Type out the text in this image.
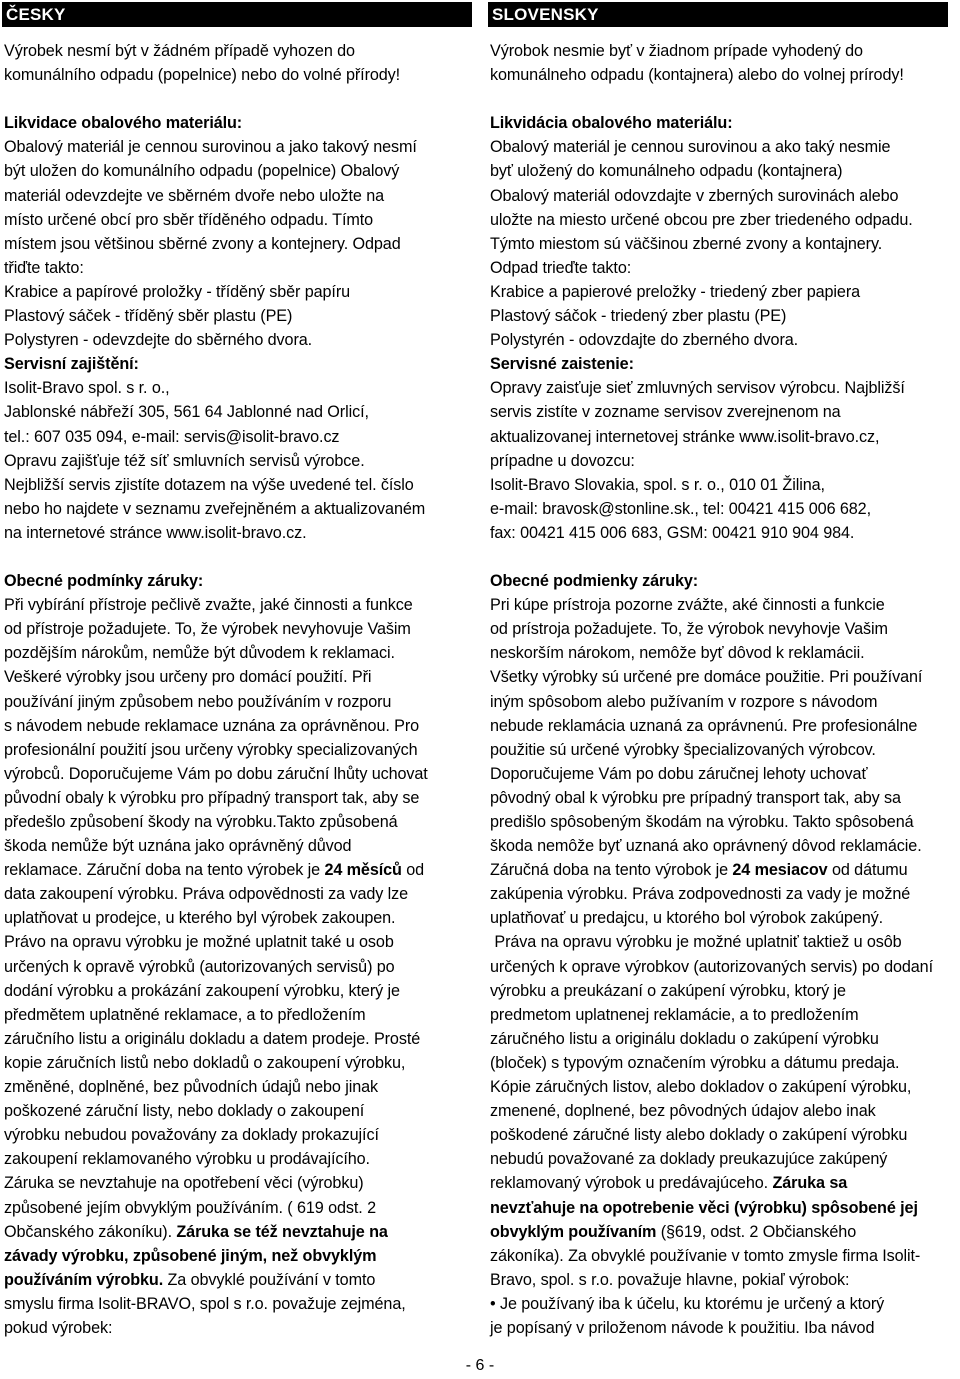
ČESKY
Výrobek nesmí být v žádném případě vyhozen do
komunálního odpadu (popelnice) nebo do volné přírody!
Likvidace obalového materiálu:
Obalový materiál je cennou surovinou a jako takový nesmí
být uložen do komunálního odpadu (popelnice) Obalový
materiál odevzdejte ve sběrném dvoře nebo uložte na
místo určené obcí pro sběr tříděného odpadu. Tímto
místem jsou většinou sběrné zvony a kontejnery. Odpad
třiďte takto:
Krabice a papírové proložky - tříděný sběr papíru
Plastový sáček - tříděný sběr plastu (PE)
Polystyren - odevzdejte do sběrného dvora.
Servisní zajištění:
Isolit-Bravo spol. s r. o.,
Jablonské nábřeží 305, 561 64 Jablonné nad Orlicí,
tel.: 607 035 094, e-mail: servis@isolit-bravo.cz
Opravu zajišťuje též síť smluvních servisů výrobce.
Nejbližší servis zjistíte dotazem na výše uvedené tel. číslo
nebo ho najdete v seznamu zveřejněném a aktualizovaném
na internetové stránce www.isolit-bravo.cz.
Obecné podmínky záruky:
Při vybírání přístroje pečlivě zvažte, jaké činnosti a funkce
od přístroje požadujete. To, že výrobek nevyhovuje Vašim
pozdějším nárokům, nemůže být důvodem k reklamaci.
Veškeré výrobky jsou určeny pro domácí použití. Při
používání jiným způsobem nebo používáním v rozporu
s návodem nebude reklamace uznána za oprávněnou. Pro
profesionální použití jsou určeny výrobky specializovaných
výrobců. Doporučujeme Vám po dobu záruční lhůty uchovat
původní obaly k výrobku pro případný transport tak, aby se
předešlo způsobení škody na výrobku.Takto způsobená
škoda nemůže být uznána jako oprávněný důvod
reklamace. Záruční doba na tento výrobek je 24 měsíců od
data zakoupení výrobku. Práva odpovědnosti za vady lze
uplatňovat u prodejce, u kterého byl výrobek zakoupen.
Právo na opravu výrobku je možné uplatnit také u osob
určených k opravě výrobků (autorizovaných servisů) po
dodání výrobku a prokázání zakoupení výrobku, který je
předmětem uplatněné reklamace, a to předložením
záručního listu a originálu dokladu a datem prodeje. Prosté
kopie záručních listů nebo dokladů o zakoupení výrobku,
změněné, doplněné, bez původních údajů nebo jinak
poškozené záruční listy, nebo doklady o zakoupení
výrobku nebudou považovány za doklady prokazující
zakoupení reklamovaného výrobku u prodávajícího.
Záruka se nevztahuje na opotřebení věci (výrobku)
způsobené jejím obvyklým používáním. ( 619 odst. 2
Občanského zákoníku). Záruka se též nevztahuje na
závady výrobku, způsobené jiným, než obvyklým
používáním výrobku. Za obvyklé používání v tomto
smyslu firma Isolit-BRAVO, spol s r.o. považuje zejména,
pokud výrobek:
SLOVENSKY
Výrobok nesmie byť v žiadnom prípade vyhodený do
komunálneho odpadu (kontajnera) alebo do volnej prírody!
Likvidácia obalového materiálu:
Obalový materiál je cennou surovinou a ako taký nesmie
byť uložený do komunálneho odpadu (kontajnera)
Obalový materiál odovzdajte v zberných surovinách alebo
uložte na miesto určené obcou pre zber triedeného odpadu.
Týmto miestom sú väčšinou zberné zvony a kontajnery.
Odpad trieďte takto:
Krabice a papierové preložky - triedený zber papiera
Plastový sáčok - triedený zber plastu (PE)
Polystyrén - odovzdajte do zberného dvora.
Servisné zaistenie:
Opravy zaisťuje sieť zmluvných servisov výrobcu. Najbližší
servis zistíte v zozname servisov zverejnenom na
aktualizovanej internetovej stránke www.isolit-bravo.cz,
prípadne u dovozcu:
Isolit-Bravo Slovakia, spol. s r. o., 010 01 Žilina,
e-mail: bravosk@stonline.sk., tel: 00421 415 006 682,
fax: 00421 415 006 683, GSM: 00421 910 904 984.
Obecné podmienky záruky:
Pri kúpe prístroja pozorne zvážte, aké činnosti a funkcie
od prístroja požadujete. To, že výrobok nevyhovje Vašim
neskorším nárokom, nemôže byť dôvod k reklamácii.
Všetky výrobky sú určené pre domáce použitie. Pri používaní
iným spôsobom alebo pužívaním v rozpore s návodom
nebude reklamácia uznaná za oprávnenú. Pre profesionálne
použitie sú určené výrobky špecializovaných výrobcov.
Doporučujeme Vám po dobu záručnej lehoty uchovať
pôvodný obal k výrobku pre prípadný transport tak, aby sa
predišlo spôsobeným škodám na výrobku. Takto spôsobená
škoda nemôže byť uznaná ako oprávnený dôvod reklamácie.
Záručná doba na tento výrobok je 24 mesiacov od dátumu
zakúpenia výrobku. Práva zodpovednosti za vady je možné
uplatňovať u predajcu, u ktorého bol výrobok zakúpený.
Práva na opravu výrobku je možné uplatniť taktiež u osôb
určených k oprave výrobkov (autorizovaných servis) po dodaní
výrobku a preukázaní o zakúpení výrobku, ktorý je
predmetom uplatnenej reklamácie, a to predložením
záručného listu a originálu dokladu o zakúpení výrobku
(bloček) s typovým označením výrobku a dátumu predaja.
Kópie záručných listov, alebo dokladov o zakúpení výrobku,
zmenené, doplnené, bez pôvodných údajov alebo inak
poškodené záručné listy alebo doklady o zakúpení výrobku
nebudú považované za doklady preukazujúce zakúpený
reklamovaný výrobok u predávajúceho. Záruka sa
nevzťahuje na opotrebenie věci (výrobku) spôsobené jej
obvyklým používaním (§619, odst. 2 Občianského
zákoníka). Za obvyklé používanie v tomto zmysle firma Isolit-
Bravo, spol. s r.o. považuje hlavne, pokiaľ výrobok:
• Je používaný iba k účelu, ku ktorému je určený a ktorý
je popísaný v priloženom návode k použitiu. Iba návod
- 6 -
